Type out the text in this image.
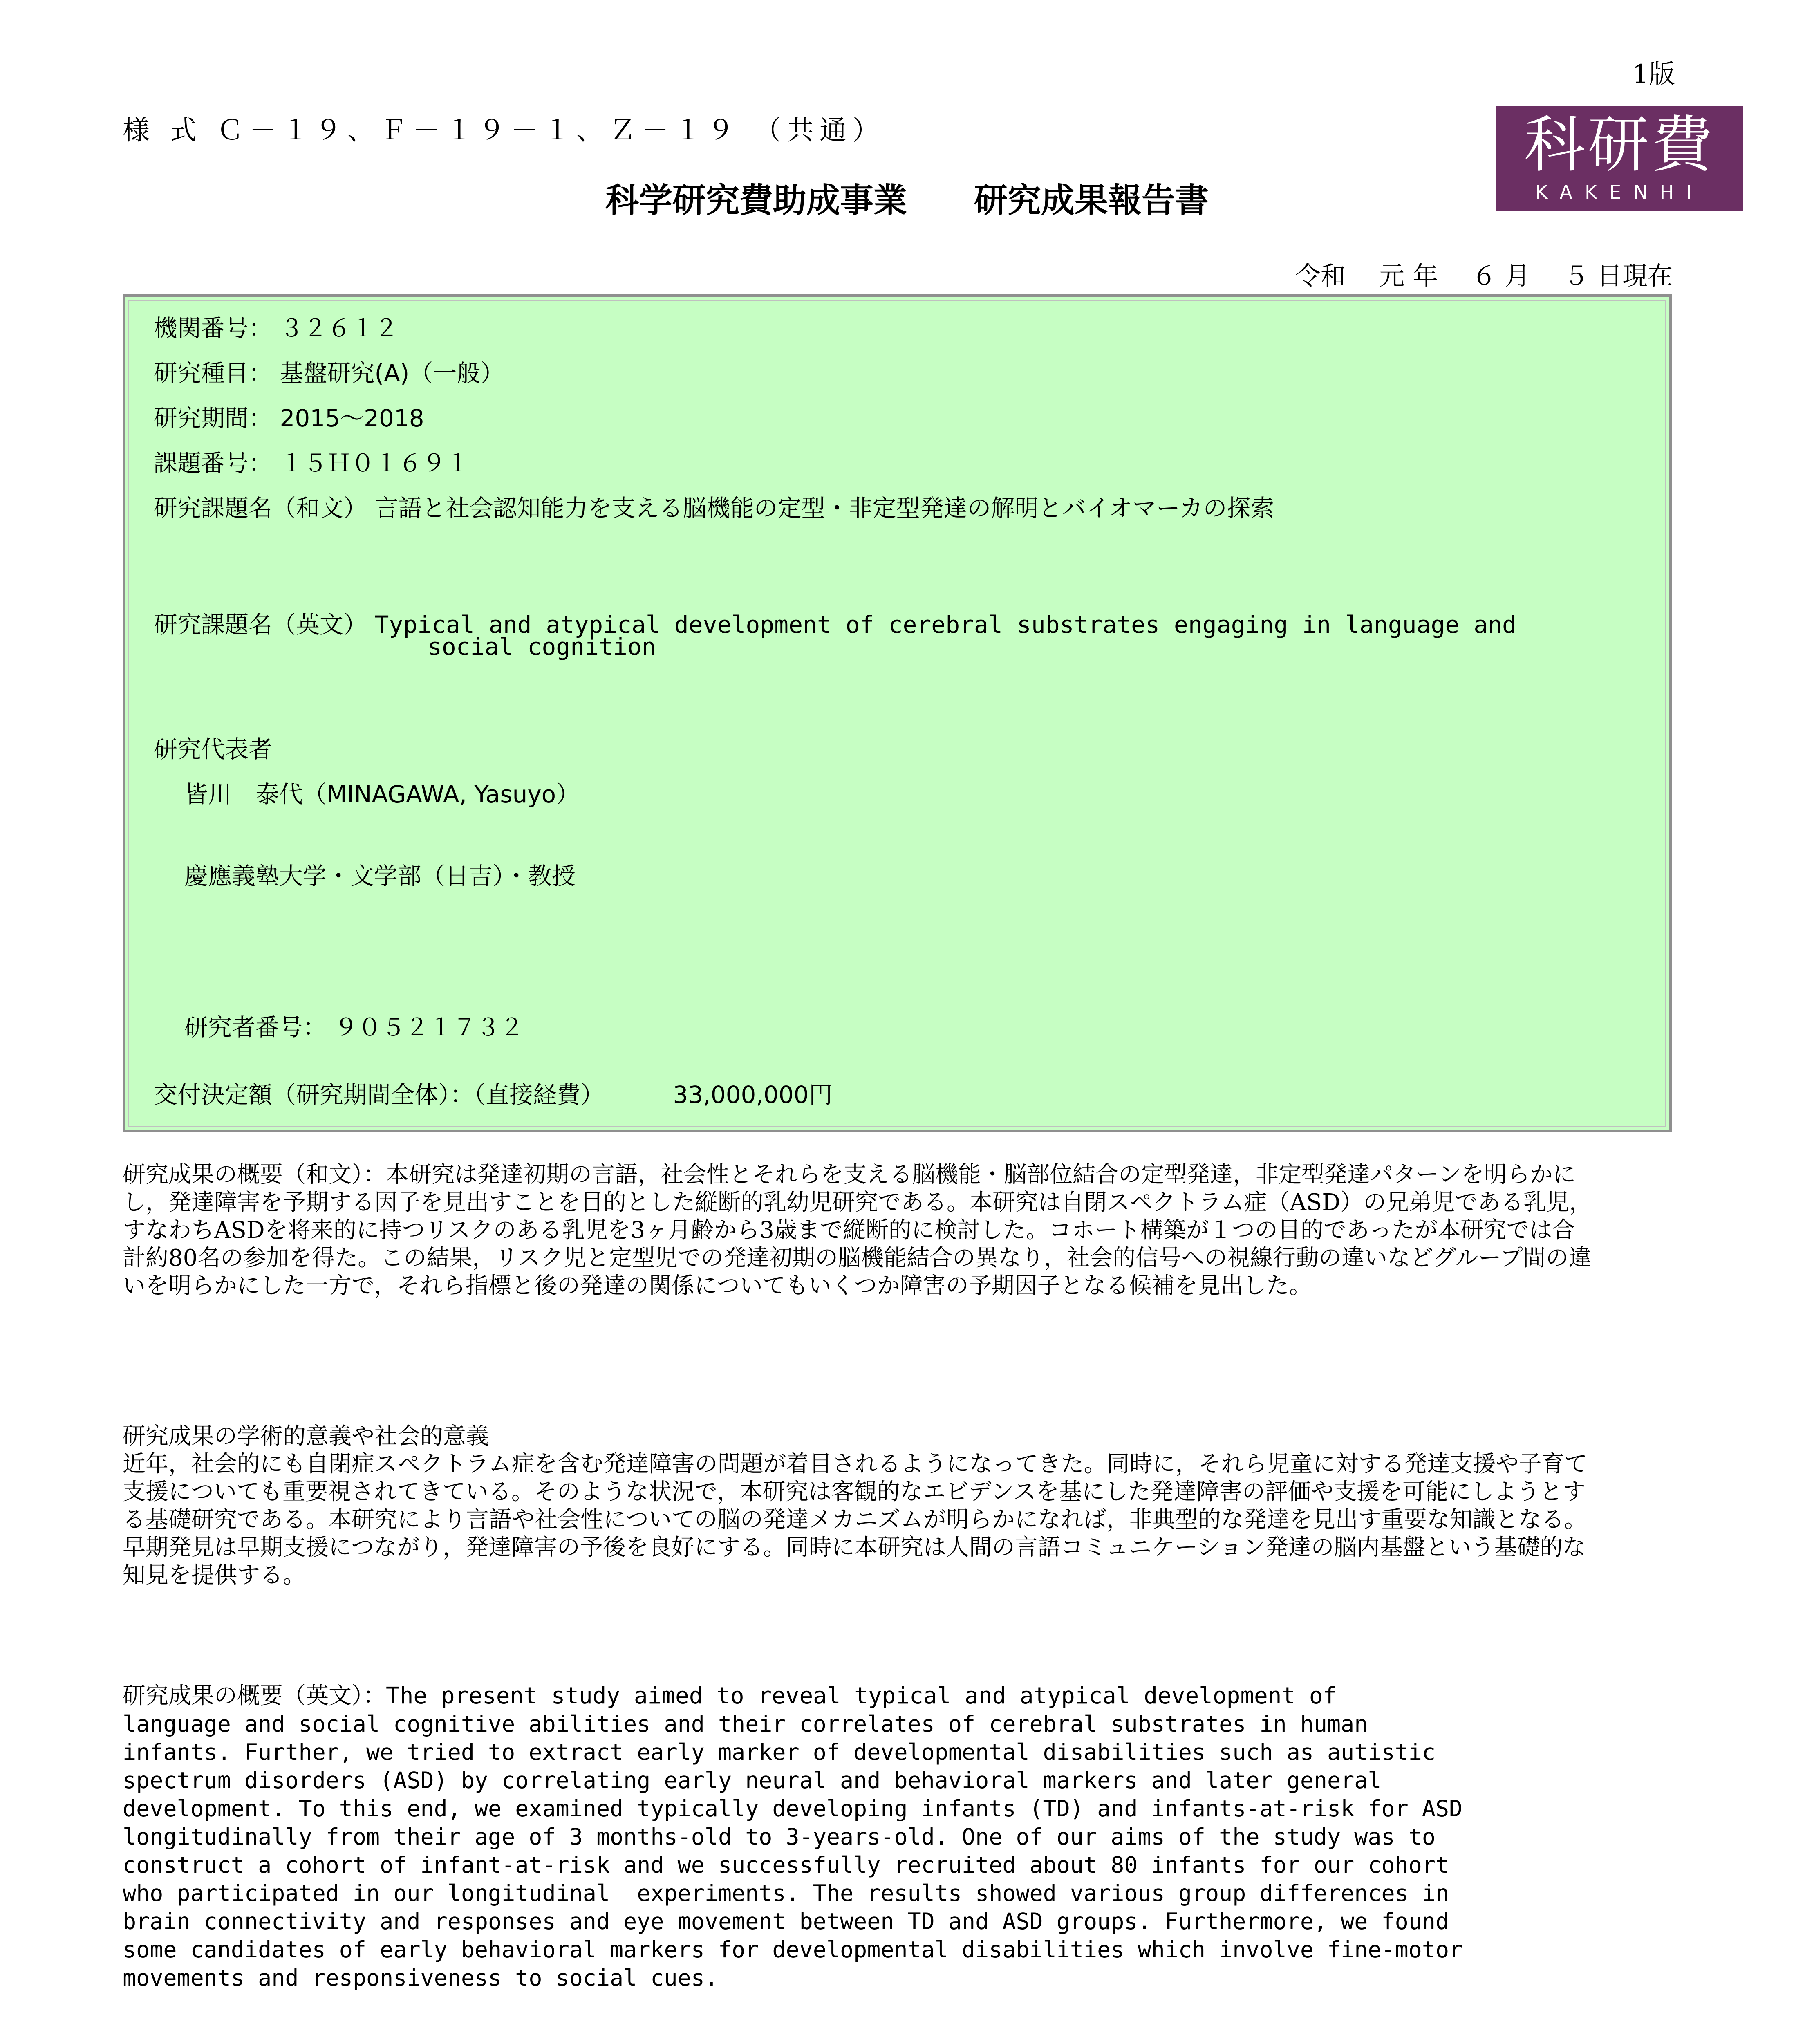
1版
様 式 Ｃ－１９、Ｆ－１９－１、Ｚ－１９ （共通）	科研費
KAKENHI
科学研究費助成事業　　研究成果報告書
令和　 元 年　 ６ 月　 ５ 日現在
機関番号： ３２６１２
研究種目： 基盤研究(A)（一般）
研究期間： 2015～2018
課題番号： １５Ｈ０１６９１
研究課題名（和文） 言語と社会認知能力を支える脳機能の定型・非定型発達の解明とバイオマーカの探索
研究課題名（英文） Typical and atypical development of cerebral substrates engaging in language and
social cognition
研究代表者
皆川　泰代（MINAGAWA, Yasuyo）
慶應義塾大学・文学部（日吉）・教授
研究者番号： ９０５２１７３２
交付決定額（研究期間全体）：（直接経費）	33,000,000円
研究成果の概要（和文）：本研究は発達初期の言語，社会性とそれらを支える脳機能・脳部位結合の定型発達，非定型発達パターンを明らかにし，発達障害を予期する因子を見出すことを目的とした縦断的乳幼児研究である。本研究は自閉スペクトラム症（ASD）の兄弟児である乳児，すなわちASDを将来的に持つリスクのある乳児を3ヶ月齢から3歳まで縦断的に検討した。コホート構築が１つの目的であったが本研究では合計約80名の参加を得た。この結果，リスク児と定型児での発達初期の脳機能結合の異なり，社会的信号への視線行動の違いなどグループ間の違いを明らかにした一方で，それら指標と後の発達の関係についてもいくつか障害の予期因子となる候補を見出した。
研究成果の学術的意義や社会的意義
近年，社会的にも自閉症スペクトラム症を含む発達障害の問題が着目されるようになってきた。同時に，それら児童に対する発達支援や子育て支援についても重要視されてきている。そのような状況で，本研究は客観的なエビデンスを基にした発達障害の評価や支援を可能にしようとする基礎研究である。本研究により言語や社会性についての脳の発達メカニズムが明らかになれば，非典型的な発達を見出す重要な知識となる。早期発見は早期支援につながり，発達障害の予後を良好にする。同時に本研究は人間の言語コミュニケーション発達の脳内基盤という基礎的な知見を提供する。
研究成果の概要（英文）：The present study aimed to reveal typical and atypical development of
language and social cognitive abilities and their correlates of cerebral substrates in human
infants. Further, we tried to extract early marker of developmental disabilities such as autistic
spectrum disorders (ASD) by correlating early neural and behavioral markers and later general
development. To this end, we examined typically developing infants (TD) and infants-at-risk for ASD
longitudinally from their age of 3 months-old to 3-years-old. One of our aims of the study was to
construct a cohort of infant-at-risk and we successfully recruited about 80 infants for our cohort
who participated in our longitudinal  experiments. The results showed various group differences in
brain connectivity and responses and eye movement between TD and ASD groups. Furthermore, we found
some candidates of early behavioral markers for developmental disabilities which involve fine-motor
movements and responsiveness to social cues.
